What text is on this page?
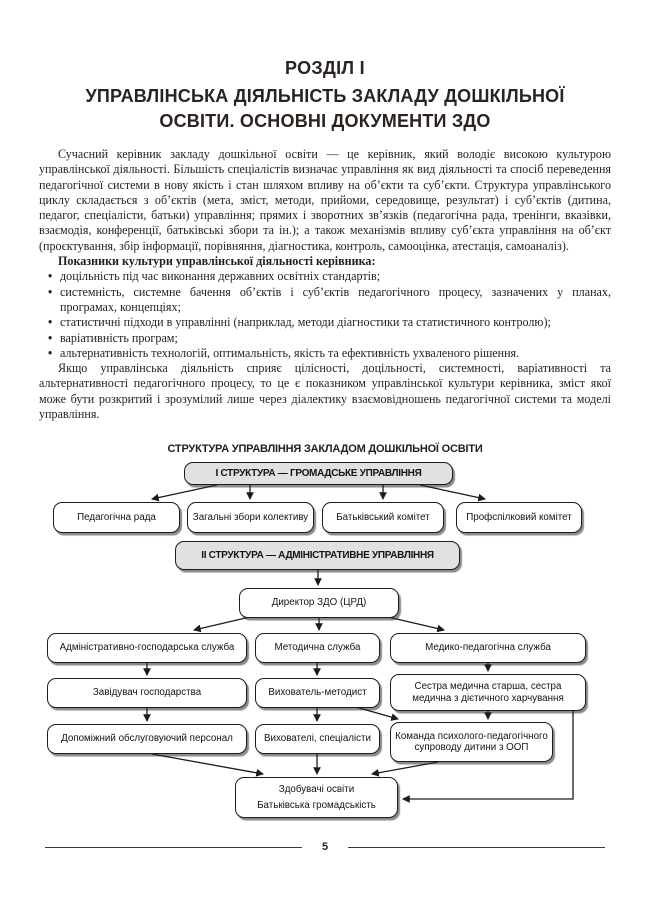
РОЗДІЛ І
УПРАВЛІНСЬКА ДІЯЛЬНІСТЬ ЗАКЛАДУ ДОШКІЛЬНОЇ ОСВІТИ. ОСНОВНІ ДОКУМЕНТИ ЗДО

Сучасний керівник закладу дошкільної освіти — це керівник, який володіє високою культурою управлінської діяльності. Більшість спеціалістів визначає управління як вид діяльності та спосіб переведення педагогічної системи в нову якість і стан шляхом впливу на об’єкти та суб’єкти. Структура управлінського циклу складається з об’єктів (мета, зміст, методи, прийоми, середовище, результат) і суб’єктів (дитина, педагог, спеціалісти, батьки) управління; прямих і зворотних зв’язків (педагогічна рада, тренінги, вказівки, взаємодія, конференції, батьківські збори та ін.); а також механізмів впливу суб’єкта управління на об’єкт (проєктування, збір інформації, порівняння, діагностика, контроль, самооцінка, атестація, самоаналіз).

Показники культури управлінської діяльності керівника:

• доцільність під час виконання державних освітніх стандартів;
• системність, системне бачення об’єктів і суб’єктів педагогічного процесу, зазначених у планах, програмах, концепціях;
• статистичні підходи в управлінні (наприклад, методи діагностики та статистичного контролю);
• варіативність програм;
• альтернативність технологій, оптимальність, якість та ефективність ухваленого рішення.

Якщо управлінська діяльність сприяє цілісності, доцільності, системності, варіативності та альтернативності педагогічного процесу, то це є показником управлінської культури керівника, зміст якої може бути розкритий і зрозумілий лише через діалектику взаємовідношень педагогічної системи та моделі управління.

СТРУКТУРА УПРАВЛІННЯ ЗАКЛАДОМ ДОШКІЛЬНОЇ ОСВІТИ
І СТРУКТУРА — ГРОМАДСЬКЕ УПРАВЛІННЯ
Педагогічна рада	Загальні збори колективу	Батьківський комітет	Профспілковий комітет
ІІ СТРУКТУРА — АДМІНІСТРАТИВНЕ УПРАВЛІННЯ
Директор ЗДО (ЦРД)
Адміністративно-господарська служба
Завідувач господарства
Допоміжний обслуговуючий персонал
Методична служба
Вихователь-методист
Вихователі, спеціалісти
Медико-педагогічна служба
Сестра медична старша, сестра медична з дієтичного харчування
Команда психолого-педагогічного супроводу дитини з ООП
Здобувачі освіти
Батьківська громадськість
5
